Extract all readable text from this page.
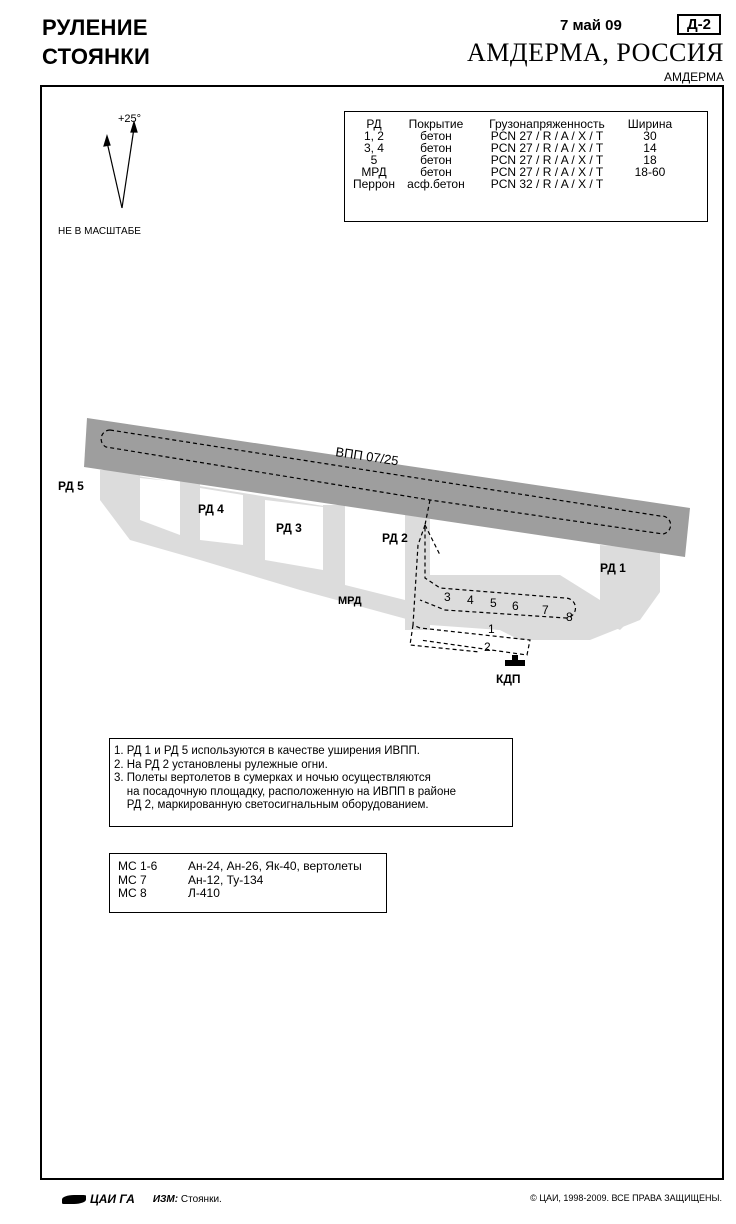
РУЛЕНИЕ
СТОЯНКИ
7 май 09	Д-2
АМДЕРМА, РОССИЯ
АМДЕРМА
ВПП 07/25
РД 5
РД 4
РД 3
РД 2
РД 1
МРД
КДП
3 4 5 6 7 8
1
2
+25°
НЕ В МАСШТАБЕ
РД	Покрытие	Грузонапряженность	Ширина
1, 2	бетон	PCN 27 / R / A / X / T	30
3, 4	бетон	PCN 27 / R / A / X / T	14
5	бетон	PCN 27 / R / A / X / T	18
МРД	бетон	PCN 27 / R / A / X / T	18-60
Перрон	асф.бетон	PCN 32 / R / A / X / T	
1. РД 1 и РД 5 используются в качестве уширения ИВПП.
2. На РД 2 установлены рулежные огни.
3. Полеты вертолетов в сумерках и ночью осуществляются
на посадочную площадку, расположенную на ИВПП в районе
РД 2, маркированную светосигнальным оборудованием.
МС 1-6	Ан-24, Ан-26, Як-40, вертолеты
МС 7	Ан-12, Ту-134
МС 8	Л-410
ЦАИ ГА ИЗМ: Стоянки.	© ЦАИ, 1998-2009. ВСЕ ПРАВА ЗАЩИЩЕНЫ.
